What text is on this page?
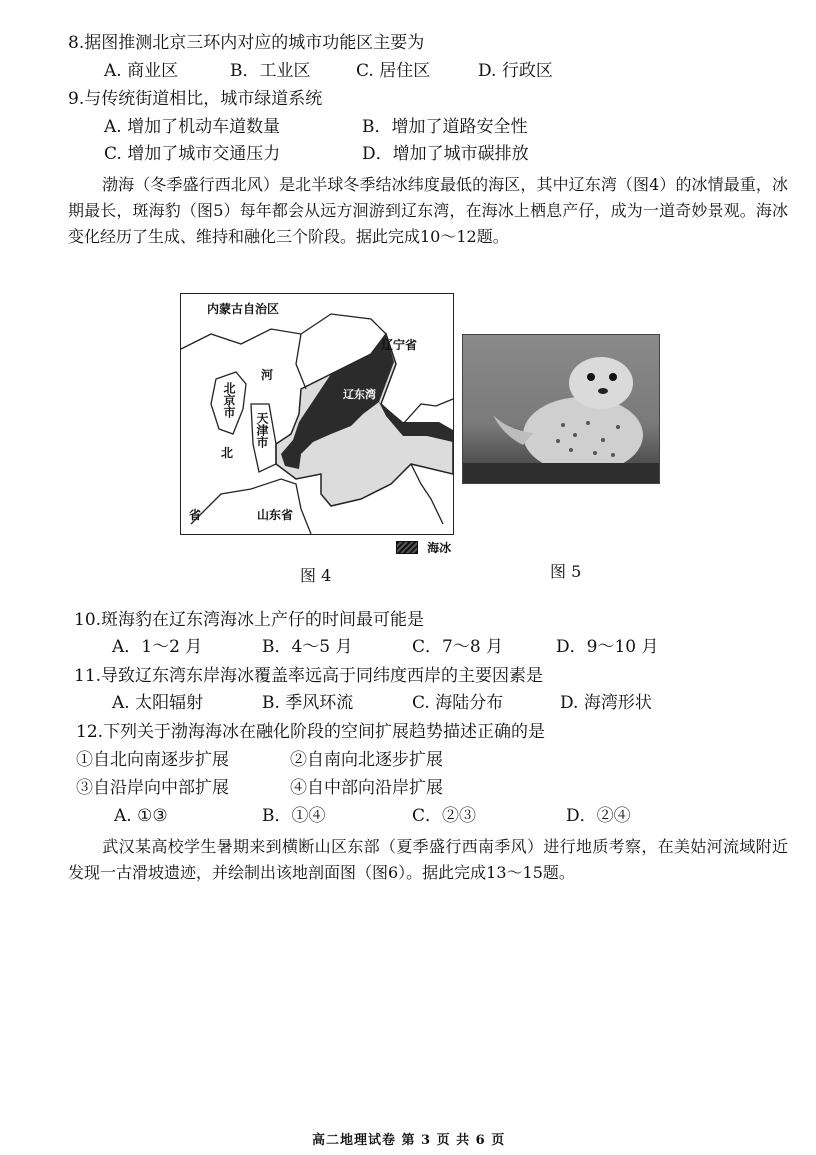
8.据图推测北京三环内对应的城市功能区主要为
A. 商业区	B．工业区	C. 居住区	D. 行政区
9.与传统街道相比，城市绿道系统
A. 增加了机动车道数量	B．增加了道路安全性
C. 增加了城市交通压力	D．增加了城市碳排放
渤海（冬季盛行西北风）是北半球冬季结冰纬度最低的海区，其中辽东湾（图4）的冰情最重，冰期最长，斑海豹（图5）每年都会从远方洄游到辽东湾，在海冰上栖息产仔，成为一道奇妙景观。海冰变化经历了生成、维持和融化三个阶段。据此完成10～12题。
内蒙古自治区
辽宁省
河
北
省
北京市
天津市
辽东湾
山东省
海冰
图 4	图 5
10.斑海豹在辽东湾海冰上产仔的时间最可能是
A．1～2 月	B．4～5 月	C．7～8 月	D．9～10 月
11.导致辽东湾东岸海冰覆盖率远高于同纬度西岸的主要因素是
A. 太阳辐射	B. 季风环流	C. 海陆分布	D. 海湾形状
12.下列关于渤海海冰在融化阶段的空间扩展趋势描述正确的是
①自北向南逐步扩展	②自南向北逐步扩展
③自沿岸向中部扩展	④自中部向沿岸扩展
A. ①③	B．①④	C．②③	D．②④
武汉某高校学生暑期来到横断山区东部（夏季盛行西南季风）进行地质考察，在美姑河流域附近发现一古滑坡遗迹，并绘制出该地剖面图（图6）。据此完成13～15题。
高二地理试卷 第 3 页 共 6 页
